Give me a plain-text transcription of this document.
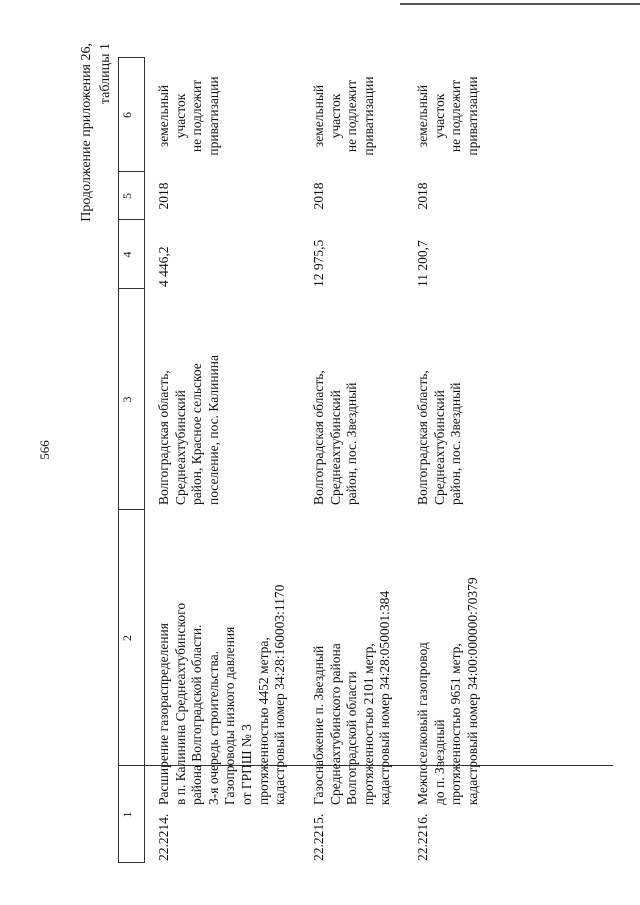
566
Продолжение приложения 26, таблицы 1
1
2
3
4
5
6
22.2214.
Расширение газораспределения
в п. Калинина Среднеахтубинского
района Волгоградской области.
3-я очередь строительства.
Газопроводы низкого давления
от ГРПШ № 3
протяженностью 4452 метра,
кадастровый номер 34:28:160003:1170
Волгоградская область,
Среднеахтубинский
район, Красное сельское
поселение, пос. Калинина
4 446,2
2018
земельный
участок
не подлежит
приватизации
22.2215.
Газоснабжение п. Звездный
Среднеахтубинского района
Волгоградской области
протяженностью 2101 метр,
кадастровый номер 34:28:050001:384
Волгоградская область,
Среднеахтубинский
район, пос. Звездный
12 975,5
2018
земельный
участок
не подлежит
приватизации
22.2216.
Межпоселковый газопровод
до п. Звездный
протяженностью 9651 метр,
кадастровый номер 34:00:000000:70379
Волгоградская область,
Среднеахтубинский
район, пос. Звездный
11 200,7
2018
земельный
участок
не подлежит
приватизации
